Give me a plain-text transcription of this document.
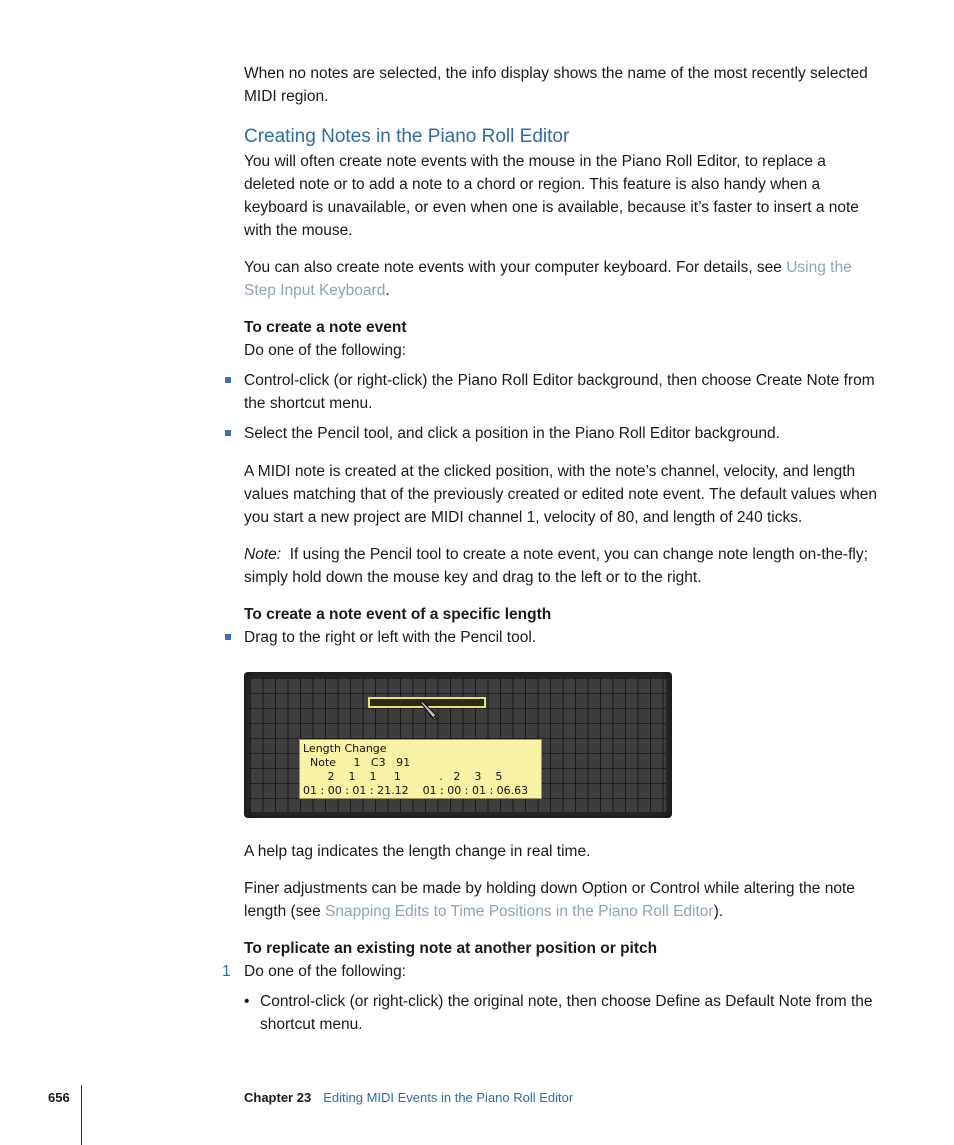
When no notes are selected, the info display shows the name of the most recently selected MIDI region.

Creating Notes in the Piano Roll Editor

You will often create note events with the mouse in the Piano Roll Editor, to replace a deleted note or to add a note to a chord or region. This feature is also handy when a keyboard is unavailable, or even when one is available, because it’s faster to insert a note with the mouse.

You can also create note events with your computer keyboard. For details, see Using the Step Input Keyboard.

To create a note event

Do one of the following:

Control-click (or right-click) the Piano Roll Editor background, then choose Create Note from the shortcut menu.

Select the Pencil tool, and click a position in the Piano Roll Editor background.

A MIDI note is created at the clicked position, with the note’s channel, velocity, and length values matching that of the previously created or edited note event. The default values when you start a new project are MIDI channel 1, velocity of 80, and length of 240 ticks.

Note: If using the Pencil tool to create a note event, you can change note length on-the-fly; simply hold down the mouse key and drag to the left or to the right.

To create a note event of a specific length

Drag to the right or left with the Pencil tool.

Length Change
Note     1   C3   91
2    1    1     1           .   2    3    5
01 : 00 : 01 : 21.12    01 : 00 : 01 : 06.63

A help tag indicates the length change in real time.

Finer adjustments can be made by holding down Option or Control while altering the note length (see Snapping Edits to Time Positions in the Piano Roll Editor).

To replicate an existing note at another position or pitch

1 Do one of the following:

• Control-click (or right-click) the original note, then choose Define as Default Note from the shortcut menu.

656	Chapter 23 Editing MIDI Events in the Piano Roll Editor
